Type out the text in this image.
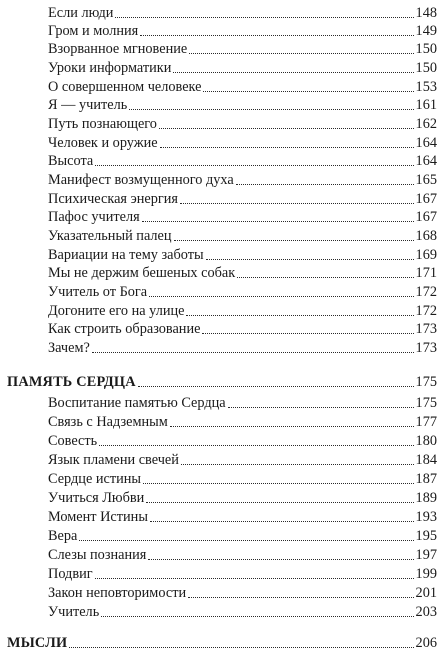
Если люди	148
Гром и молния	149
Взорванное мгновение	150
Уроки информатики	150
О совершенном человеке	153
Я — учитель	161
Путь познающего	162
Человек и оружие	164
Высота	164
Манифест возмущенного духа	165
Психическая энергия	167
Пафос учителя	167
Указательный палец	168
Вариации на тему заботы	169
Мы не держим бешеных собак	171
Учитель от Бога	172
Догоните его на улице	172
Как строить образование	173
Зачем?	173
ПАМЯТЬ СЕРДЦА	175
Воспитание памятью Сердца	175
Связь с Надземным	177
Совесть	180
Язык пламени свечей	184
Сердце истины	187
Учиться Любви	189
Момент Истины	193
Вера	195
Слезы познания	197
Подвиг	199
Закон неповторимости	201
Учитель	203
МЫСЛИ	206
